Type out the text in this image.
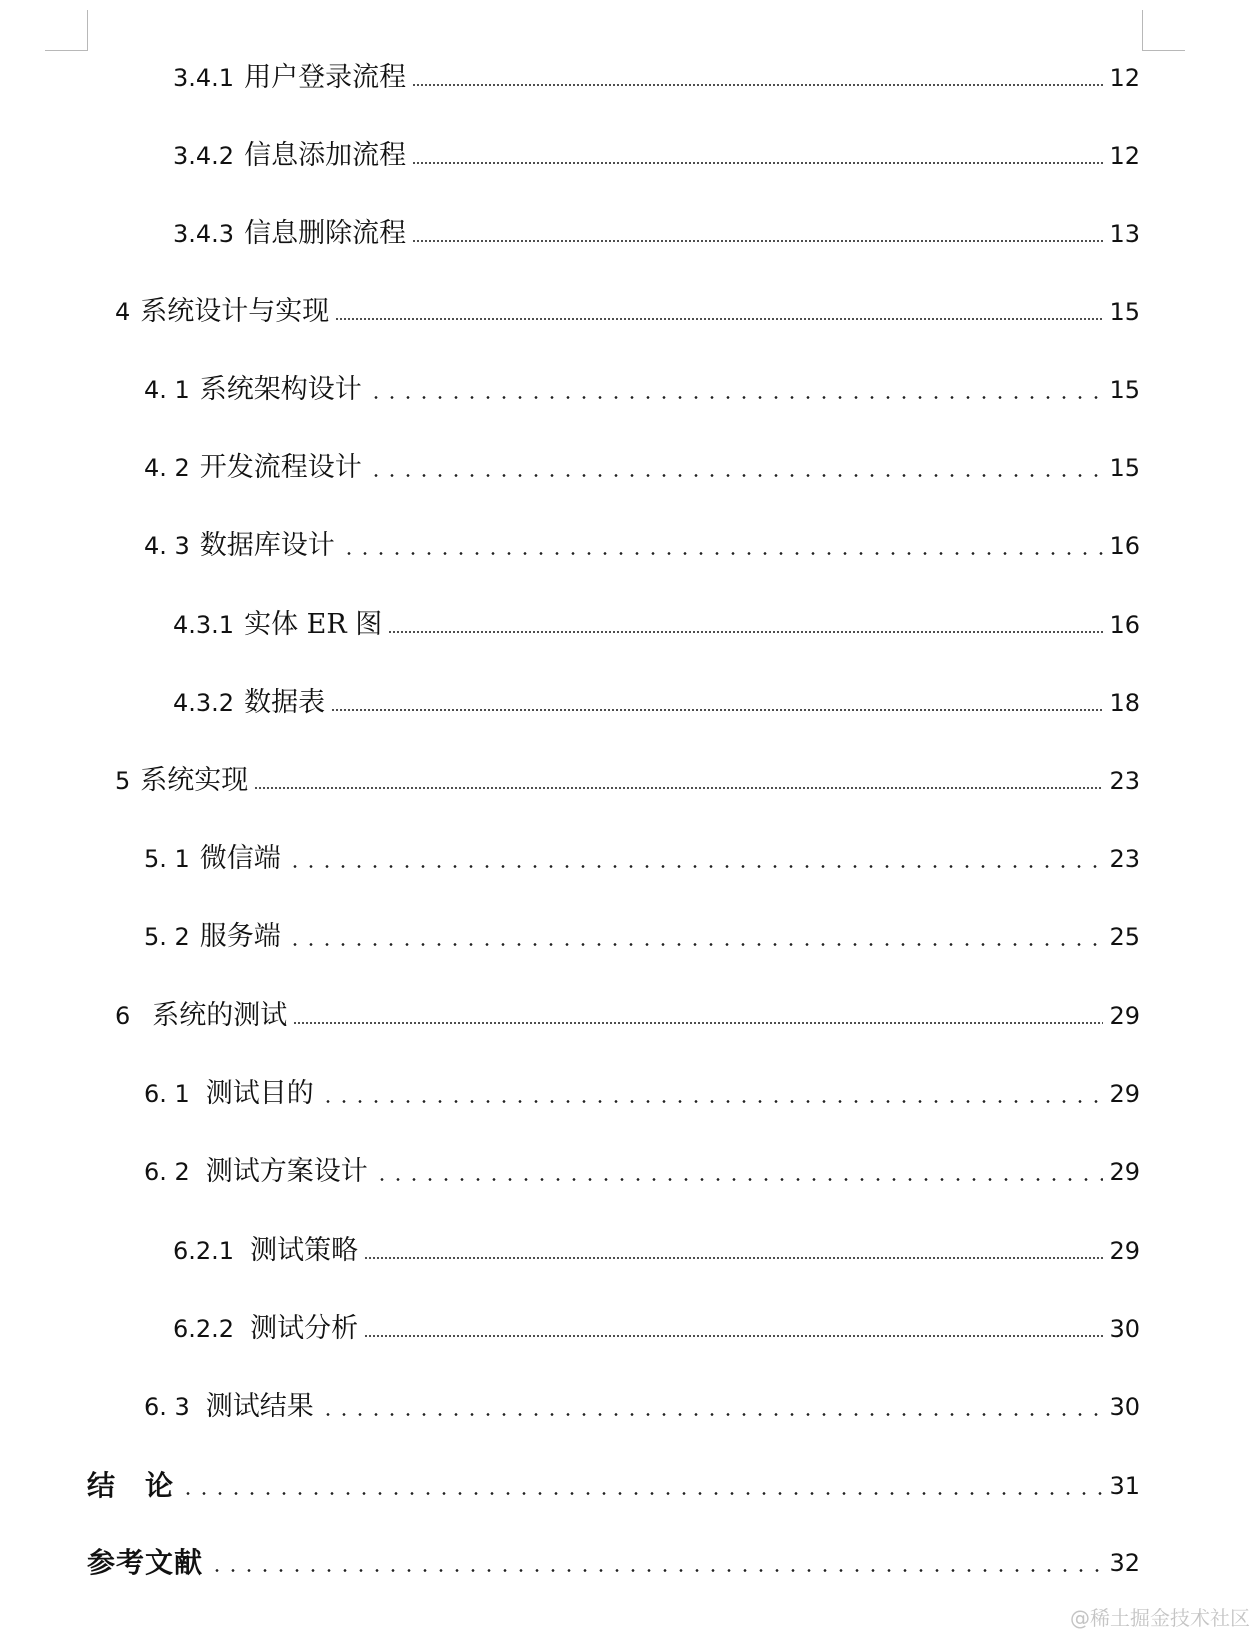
3.4.1 用户登录流程	12
3.4.2 信息添加流程	12
3.4.3 信息删除流程	13
4 系统设计与实现	15
4. 1 系统架构设计	15
4. 2 开发流程设计	15
4. 3 数据库设计	16
4.3.1 实体 ER 图	16
4.3.2 数据表	18
5 系统实现	23
5. 1 微信端	23
5. 2 服务端	25
6 系统的测试	29
6. 1 测试目的	29
6. 2 测试方案设计	29
6.2.1 测试策略	29
6.2.2 测试分析	30
6. 3 测试结果	30
结　论	31
参考文献	32
@稀土掘金技术社区
